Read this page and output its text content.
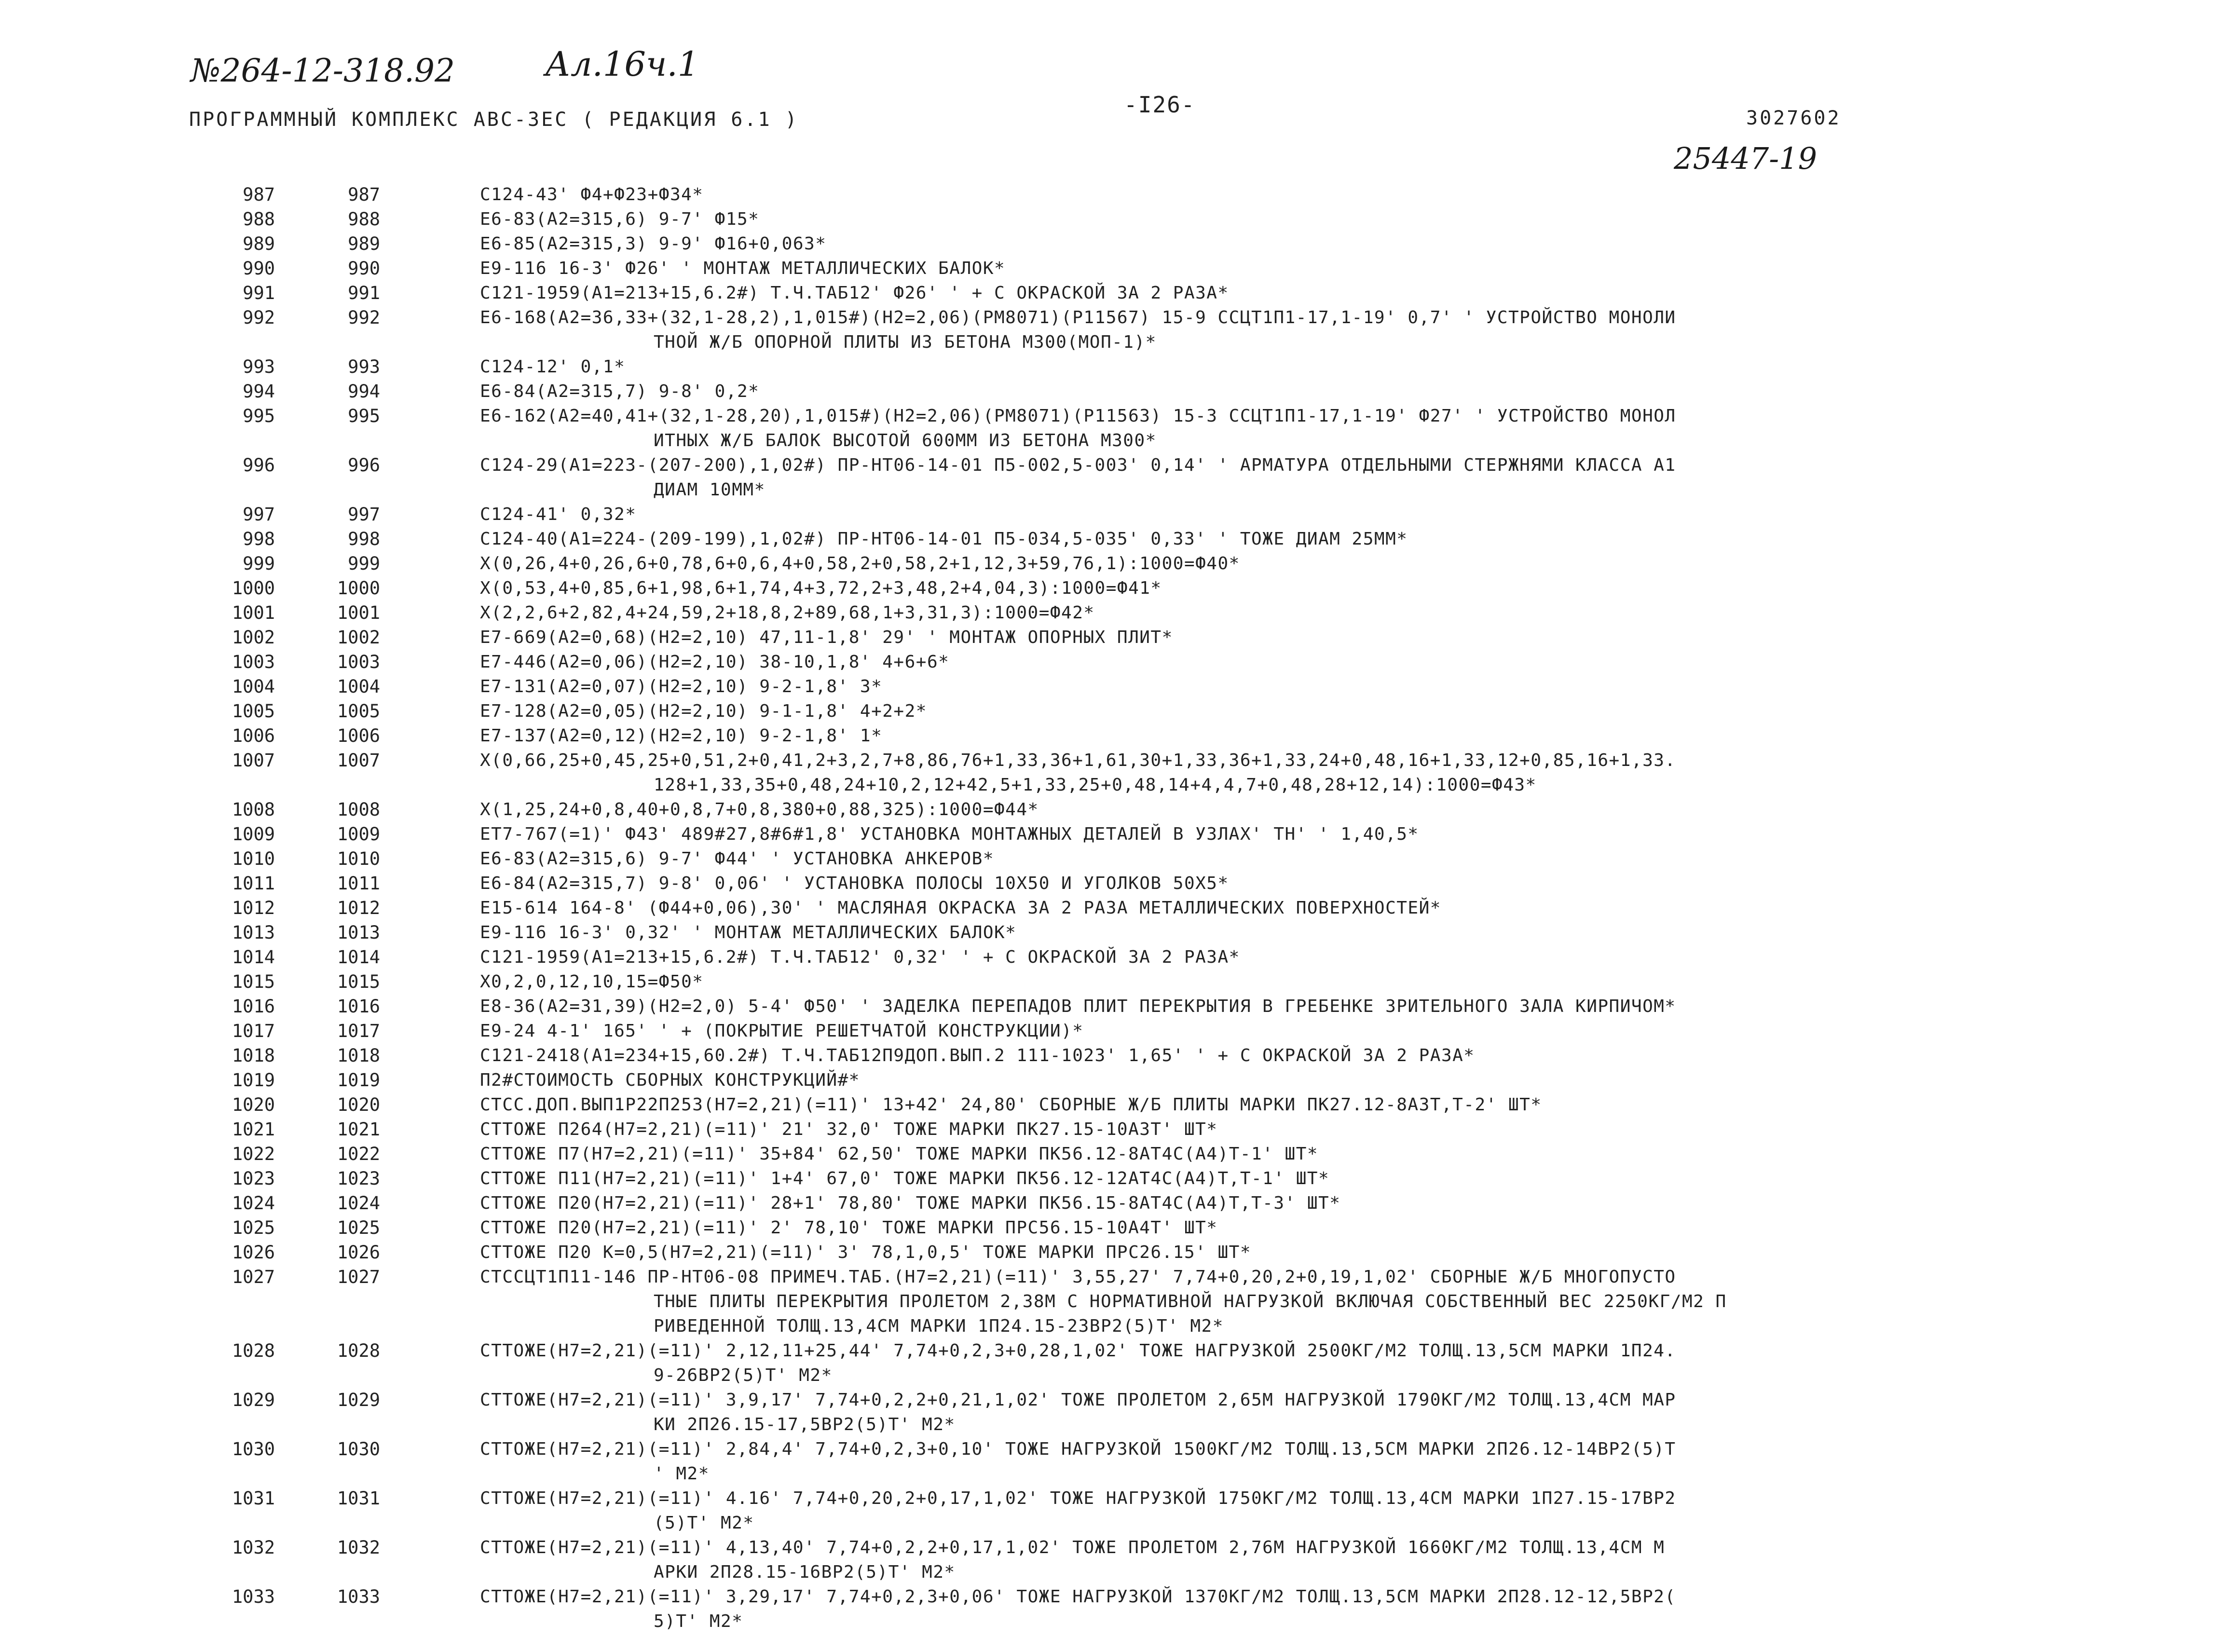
№264-12-318.92	Ал.16ч.1
ПРОГРАММНЫЙ КОМПЛЕКС АВС-3ЕС ( РЕДАКЦИЯ 6.1 )
-I26-
3027602
25447-19
987	987	С124-43' Ф4+Ф23+Ф34*
988	988	Е6-83(А2=315,6) 9-7' Ф15*
989	989	Е6-85(А2=315,3) 9-9' Ф16+0,063*
990	990	Е9-116 16-3' Ф26' ' МОНТАЖ МЕТАЛЛИЧЕСКИХ БАЛОК*
991	991	С121-1959(А1=213+15,6.2#) Т.Ч.ТАБ12' Ф26' ' + С ОКРАСКОЙ ЗА 2 РАЗА*
992	992	Е6-168(А2=36,33+(32,1-28,2),1,015#)(Н2=2,06)(РМ8071)(Р11567) 15-9 ССЦТ1П1-17,1-19' 0,7' ' УСТРОЙСТВО МОНОЛИ
ТНОЙ Ж/Б ОПОРНОЙ ПЛИТЫ ИЗ БЕТОНА М300(МОП-1)*
993	993	С124-12' 0,1*
994	994	Е6-84(А2=315,7) 9-8' 0,2*
995	995	Е6-162(А2=40,41+(32,1-28,20),1,015#)(Н2=2,06)(РМ8071)(Р11563) 15-3 ССЦТ1П1-17,1-19' Ф27' ' УСТРОЙСТВО МОНОЛ
ИТНЫХ Ж/Б БАЛОК ВЫСОТОЙ 600ММ ИЗ БЕТОНА М300*
996	996	С124-29(А1=223-(207-200),1,02#) ПР-НТ06-14-01 П5-002,5-003' 0,14' ' АРМАТУРА ОТДЕЛЬНЫМИ СТЕРЖНЯМИ КЛАССА А1
ДИАМ 10ММ*
997	997	С124-41' 0,32*
998	998	С124-40(А1=224-(209-199),1,02#) ПР-НТ06-14-01 П5-034,5-035' 0,33' ' ТОЖЕ ДИАМ 25ММ*
999	999	Х(0,26,4+0,26,6+0,78,6+0,6,4+0,58,2+0,58,2+1,12,3+59,76,1):1000=Ф40*
1000	1000	Х(0,53,4+0,85,6+1,98,6+1,74,4+3,72,2+3,48,2+4,04,3):1000=Ф41*
1001	1001	Х(2,2,6+2,82,4+24,59,2+18,8,2+89,68,1+3,31,3):1000=Ф42*
1002	1002	Е7-669(А2=0,68)(Н2=2,10) 47,11-1,8' 29' ' МОНТАЖ ОПОРНЫХ ПЛИТ*
1003	1003	Е7-446(А2=0,06)(Н2=2,10) 38-10,1,8' 4+6+6*
1004	1004	Е7-131(А2=0,07)(Н2=2,10) 9-2-1,8' 3*
1005	1005	Е7-128(А2=0,05)(Н2=2,10) 9-1-1,8' 4+2+2*
1006	1006	Е7-137(А2=0,12)(Н2=2,10) 9-2-1,8' 1*
1007	1007	Х(0,66,25+0,45,25+0,51,2+0,41,2+3,2,7+8,86,76+1,33,36+1,61,30+1,33,36+1,33,24+0,48,16+1,33,12+0,85,16+1,33.
128+1,33,35+0,48,24+10,2,12+42,5+1,33,25+0,48,14+4,4,7+0,48,28+12,14):1000=Ф43*
1008	1008	Х(1,25,24+0,8,40+0,8,7+0,8,380+0,88,325):1000=Ф44*
1009	1009	ЕТ7-767(=1)' Ф43' 489#27,8#6#1,8' УСТАНОВКА МОНТАЖНЫХ ДЕТАЛЕЙ В УЗЛАХ' ТН' ' 1,40,5*
1010	1010	Е6-83(А2=315,6) 9-7' Ф44' ' УСТАНОВКА АНКЕРОВ*
1011	1011	Е6-84(А2=315,7) 9-8' 0,06' ' УСТАНОВКА ПОЛОСЫ 10Х50 И УГОЛКОВ 50Х5*
1012	1012	Е15-614 164-8' (Ф44+0,06),30' ' МАСЛЯНАЯ ОКРАСКА ЗА 2 РАЗА МЕТАЛЛИЧЕСКИХ ПОВЕРХНОСТЕЙ*
1013	1013	Е9-116 16-3' 0,32' ' МОНТАЖ МЕТАЛЛИЧЕСКИХ БАЛОК*
1014	1014	С121-1959(А1=213+15,6.2#) Т.Ч.ТАБ12' 0,32' ' + С ОКРАСКОЙ ЗА 2 РАЗА*
1015	1015	Х0,2,0,12,10,15=Ф50*
1016	1016	Е8-36(А2=31,39)(Н2=2,0) 5-4' Ф50' ' ЗАДЕЛКА ПЕРЕПАДОВ ПЛИТ ПЕРЕКРЫТИЯ В ГРЕБЕНКЕ ЗРИТЕЛЬНОГО ЗАЛА КИРПИЧОМ*
1017	1017	Е9-24 4-1' 165' ' + (ПОКРЫТИЕ РЕШЕТЧАТОЙ КОНСТРУКЦИИ)*
1018	1018	С121-2418(А1=234+15,60.2#) Т.Ч.ТАБ12П9ДОП.ВЫП.2 111-1023' 1,65' ' + С ОКРАСКОЙ ЗА 2 РАЗА*
1019	1019	П2#СТОИМОСТЬ СБОРНЫХ КОНСТРУКЦИЙ#*
1020	1020	СТСС.ДОП.ВЫП1Р22П253(Н7=2,21)(=11)' 13+42' 24,80' СБОРНЫЕ Ж/Б ПЛИТЫ МАРКИ ПК27.12-8АЗТ,Т-2' ШТ*
1021	1021	СТТОЖЕ П264(Н7=2,21)(=11)' 21' 32,0' ТОЖЕ МАРКИ ПК27.15-10АЗТ' ШТ*
1022	1022	СТТОЖЕ П7(Н7=2,21)(=11)' 35+84' 62,50' ТОЖЕ МАРКИ ПК56.12-8АТ4С(А4)Т-1' ШТ*
1023	1023	СТТОЖЕ П11(Н7=2,21)(=11)' 1+4' 67,0' ТОЖЕ МАРКИ ПК56.12-12АТ4С(А4)Т,Т-1' ШТ*
1024	1024	СТТОЖЕ П20(Н7=2,21)(=11)' 28+1' 78,80' ТОЖЕ МАРКИ ПК56.15-8АТ4С(А4)Т,Т-3' ШТ*
1025	1025	СТТОЖЕ П20(Н7=2,21)(=11)' 2' 78,10' ТОЖЕ МАРКИ ПРС56.15-10А4Т' ШТ*
1026	1026	СТТОЖЕ П20 К=0,5(Н7=2,21)(=11)' 3' 78,1,0,5' ТОЖЕ МАРКИ ПРС26.15' ШТ*
1027	1027	СТССЦТ1П11-146 ПР-НТ06-08 ПРИМЕЧ.ТАБ.(Н7=2,21)(=11)' 3,55,27' 7,74+0,20,2+0,19,1,02' СБОРНЫЕ Ж/Б МНОГОПУСТО
ТНЫЕ ПЛИТЫ ПЕРЕКРЫТИЯ ПРОЛЕТОМ 2,38М С НОРМАТИВНОЙ НАГРУЗКОЙ ВКЛЮЧАЯ СОБСТВЕННЫЙ ВЕС 2250КГ/М2 П
РИВЕДЕННОЙ ТОЛЩ.13,4СМ МАРКИ 1П24.15-23ВР2(5)Т' М2*
1028	1028	СТТОЖЕ(Н7=2,21)(=11)' 2,12,11+25,44' 7,74+0,2,3+0,28,1,02' ТОЖЕ НАГРУЗКОЙ 2500КГ/М2 ТОЛЩ.13,5СМ МАРКИ 1П24.
9-26ВР2(5)Т' М2*
1029	1029	СТТОЖЕ(Н7=2,21)(=11)' 3,9,17' 7,74+0,2,2+0,21,1,02' ТОЖЕ ПРОЛЕТОМ 2,65М НАГРУЗКОЙ 1790КГ/М2 ТОЛЩ.13,4СМ МАР
КИ 2П26.15-17,5ВР2(5)Т' М2*
1030	1030	СТТОЖЕ(Н7=2,21)(=11)' 2,84,4' 7,74+0,2,3+0,10' ТОЖЕ НАГРУЗКОЙ 1500КГ/М2 ТОЛЩ.13,5СМ МАРКИ 2П26.12-14ВР2(5)Т
' М2*
1031	1031	СТТОЖЕ(Н7=2,21)(=11)' 4.16' 7,74+0,20,2+0,17,1,02' ТОЖЕ НАГРУЗКОЙ 1750КГ/М2 ТОЛЩ.13,4СМ МАРКИ 1П27.15-17ВР2
(5)Т' М2*
1032	1032	СТТОЖЕ(Н7=2,21)(=11)' 4,13,40' 7,74+0,2,2+0,17,1,02' ТОЖЕ ПРОЛЕТОМ 2,76М НАГРУЗКОЙ 1660КГ/М2 ТОЛЩ.13,4СМ М
АРКИ 2П28.15-16ВР2(5)Т' М2*
1033	1033	СТТОЖЕ(Н7=2,21)(=11)' 3,29,17' 7,74+0,2,3+0,06' ТОЖЕ НАГРУЗКОЙ 1370КГ/М2 ТОЛЩ.13,5СМ МАРКИ 2П28.12-12,5ВР2(
5)Т' М2*
